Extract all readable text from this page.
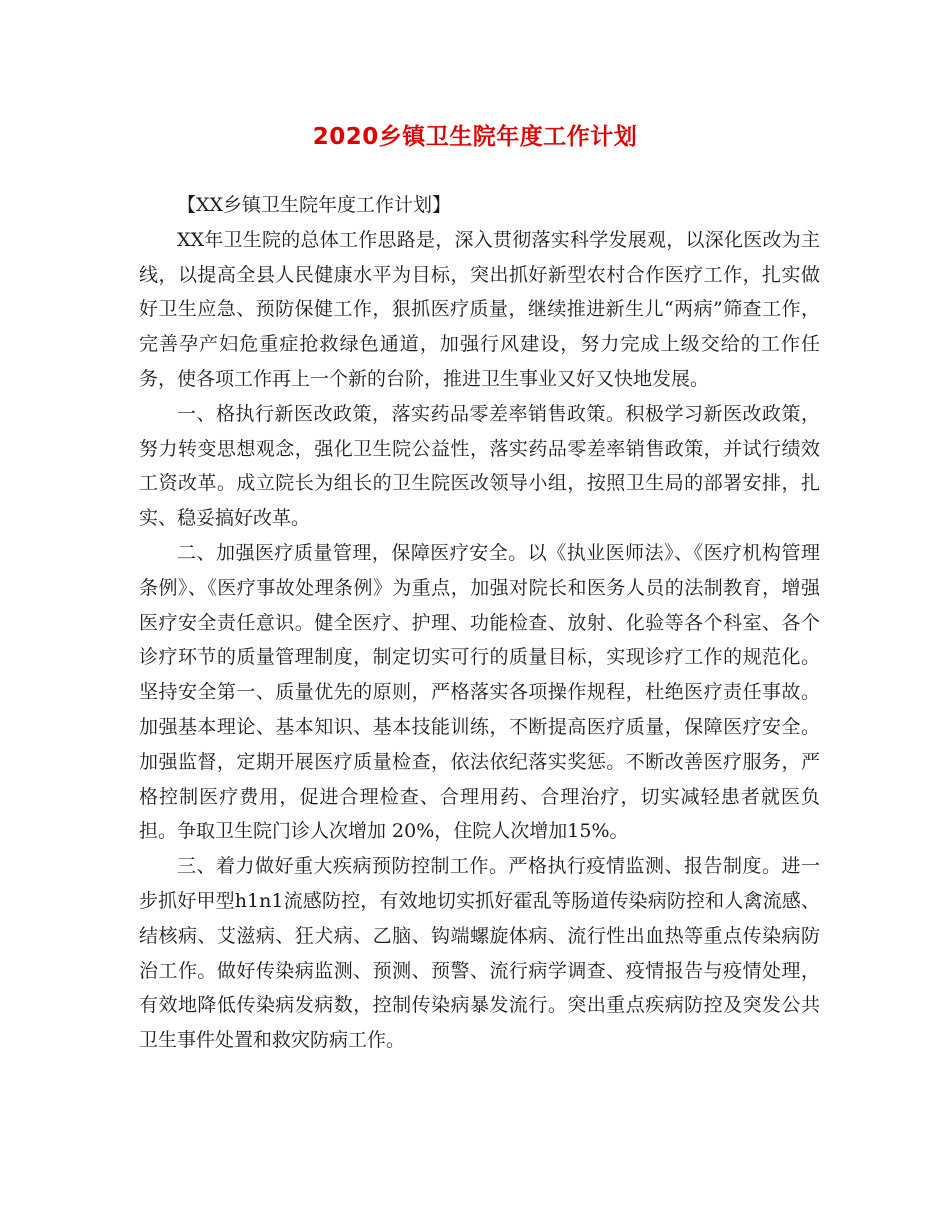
2020乡镇卫生院年度工作计划

【XX乡镇卫生院年度工作计划】

XX年卫生院的总体工作思路是，深入贯彻落实科学发展观，以深化医改为主线，以提高全县人民健康水平为目标，突出抓好新型农村合作医疗工作，扎实做好卫生应急、预防保健工作，狠抓医疗质量，继续推进新生儿“两病”筛查工作，完善孕产妇危重症抢救绿色通道，加强行风建设，努力完成上级交给的工作任务，使各项工作再上一个新的台阶，推进卫生事业又好又快地发展。

一、格执行新医改政策，落实药品零差率销售政策。积极学习新医改政策，努力转变思想观念，强化卫生院公益性，落实药品零差率销售政策，并试行绩效工资改革。成立院长为组长的卫生院医改领导小组，按照卫生局的部署安排，扎实、稳妥搞好改革。

二、加强医疗质量管理，保障医疗安全。以《执业医师法》、《医疗机构管理条例》、《医疗事故处理条例》为重点，加强对院长和医务人员的法制教育，增强医疗安全责任意识。健全医疗、护理、功能检查、放射、化验等各个科室、各个诊疗环节的质量管理制度，制定切实可行的质量目标，实现诊疗工作的规范化。坚持安全第一、质量优先的原则，严格落实各项操作规程，杜绝医疗责任事故。加强基本理论、基本知识、基本技能训练，不断提高医疗质量，保障医疗安全。加强监督，定期开展医疗质量检查，依法依纪落实奖惩。不断改善医疗服务，严格控制医疗费用，促进合理检查、合理用药、合理治疗，切实减轻患者就医负担。争取卫生院门诊人次增加 20%，住院人次增加15%。

三、着力做好重大疾病预防控制工作。严格执行疫情监测、报告制度。进一步抓好甲型h1n1流感防控，有效地切实抓好霍乱等肠道传染病防控和人禽流感、结核病、艾滋病、狂犬病、乙脑、钩端螺旋体病、流行性出血热等重点传染病防治工作。做好传染病监测、预测、预警、流行病学调查、疫情报告与疫情处理，有效地降低传染病发病数，控制传染病暴发流行。突出重点疾病防控及突发公共卫生事件处置和救灾防病工作。
